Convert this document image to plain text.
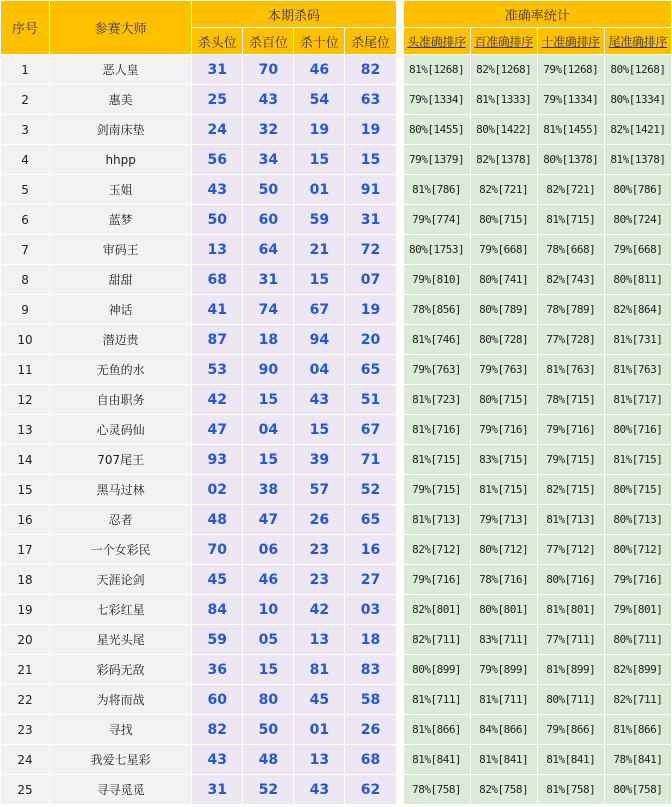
序号	参赛大师	本期杀码					准确率统计			
		杀头位	杀百位	杀十位	杀尾位		头准确排序	百准确排序	十准确排序	尾准确排序
1	恶人皇	31	70	46	82		81%[1268]	82%[1268]	79%[1268]	80%[1268]
2	惠美	25	43	54	63		79%[1334]	81%[1333]	79%[1334]	80%[1334]
3	剑南床垫	24	32	19	19		80%[1455]	80%[1422]	81%[1455]	82%[1421]
4	hhpp	56	34	15	15		79%[1379]	82%[1378]	80%[1378]	81%[1378]
5	玉姐	43	50	01	91		81%[786]	82%[721]	82%[721]	80%[786]
6	蓝梦	50	60	59	31		79%[774]	80%[715]	81%[715]	80%[724]
7	审码王	13	64	21	72		80%[1753]	79%[668]	78%[668]	79%[668]
8	甜甜	68	31	15	07		79%[810]	80%[741]	82%[743]	80%[811]
9	神话	41	74	67	19		78%[856]	80%[789]	78%[789]	82%[864]
10	潜迈贵	87	18	94	20		81%[746]	80%[728]	77%[728]	81%[731]
11	无鱼的水	53	90	04	65		79%[763]	79%[763]	81%[763]	81%[763]
12	自由职务	42	15	43	51		81%[723]	80%[715]	78%[715]	81%[717]
13	心灵码仙	47	04	15	67		81%[716]	79%[716]	79%[716]	80%[716]
14	707尾王	93	15	39	71		81%[715]	83%[715]	79%[715]	81%[715]
15	黑马过林	02	38	57	52		79%[715]	81%[715]	82%[715]	80%[715]
16	忍者	48	47	26	65		81%[713]	79%[713]	81%[713]	80%[713]
17	一个女彩民	70	06	23	16		82%[712]	80%[712]	77%[712]	80%[712]
18	天涯论剑	45	46	23	27		79%[716]	78%[716]	80%[716]	79%[716]
19	七彩红星	84	10	42	03		82%[801]	80%[801]	81%[801]	79%[801]
20	星光头尾	59	05	13	18		82%[711]	83%[711]	77%[711]	80%[711]
21	彩码无敌	36	15	81	83		80%[899]	79%[899]	81%[899]	82%[899]
22	为将而战	60	80	45	58		81%[711]	81%[711]	80%[711]	82%[711]
23	寻找	82	50	01	26		81%[866]	84%[866]	79%[866]	81%[866]
24	我爱七星彩	43	48	13	68		81%[841]	81%[841]	81%[841]	78%[841]
25	寻寻觅觅	31	52	43	62		78%[758]	82%[758]	81%[758]	80%[758]
